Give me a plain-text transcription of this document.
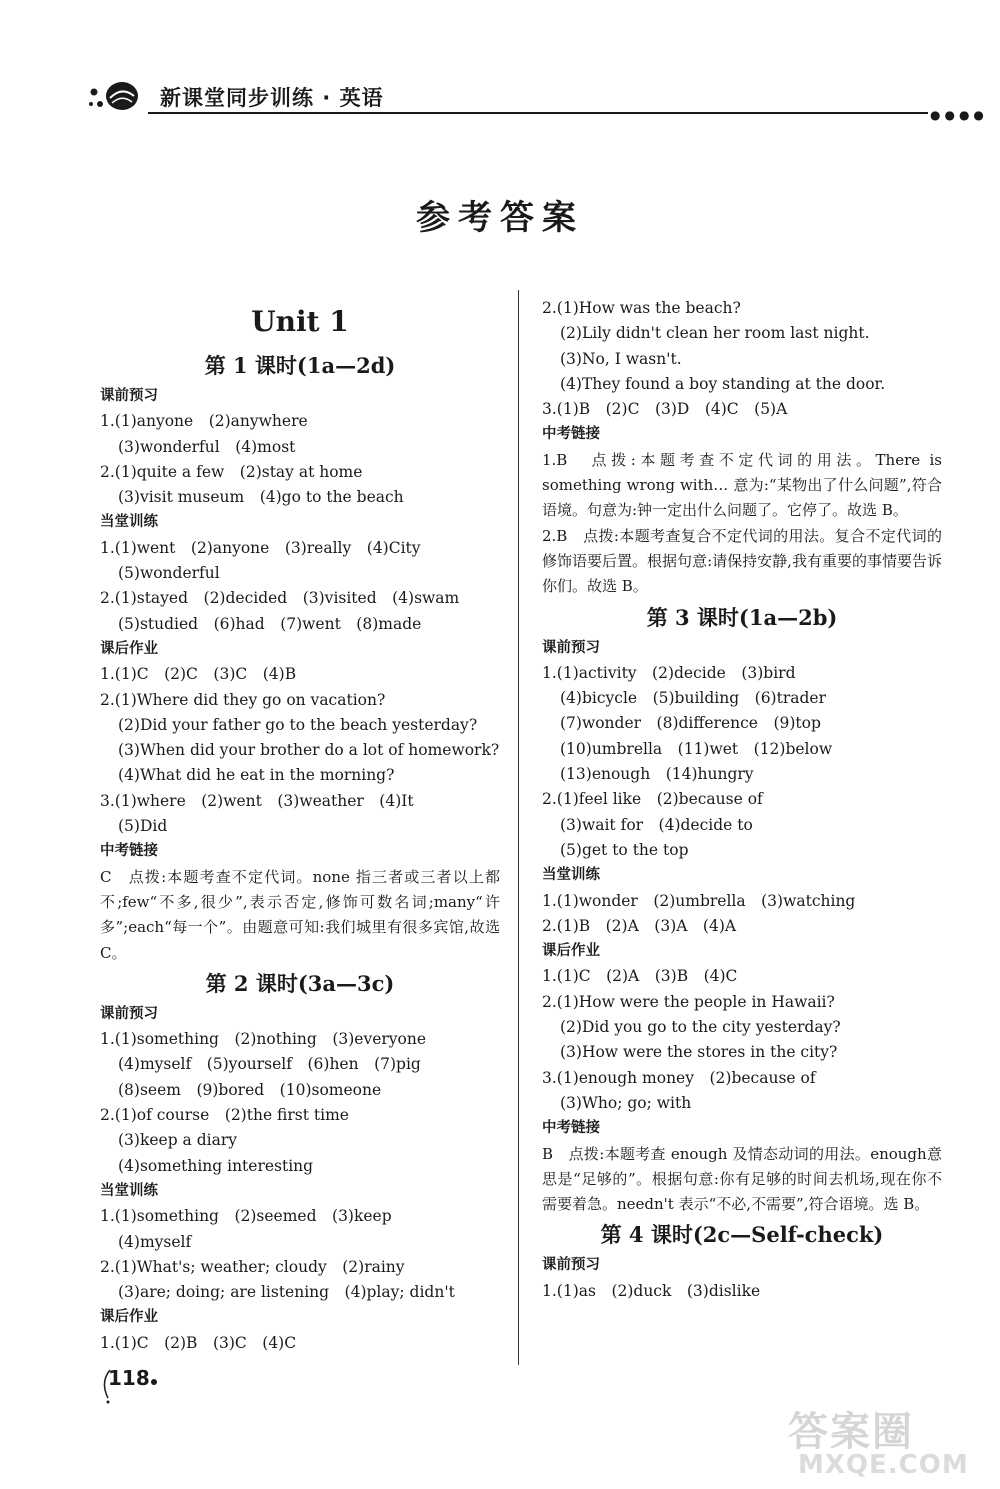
新课堂同步训练 · 英语
●●●●
参考答案
Unit 1
第 1 课时(1a—2d)
课前预习
1.(1)anyone　(2)anywhere
(3)wonderful　(4)most
2.(1)quite a few　(2)stay at home
(3)visit museum　(4)go to the beach
当堂训练
1.(1)went　(2)anyone　(3)really　(4)City
(5)wonderful
2.(1)stayed　(2)decided　(3)visited　(4)swam
(5)studied　(6)had　(7)went　(8)made
课后作业
1.(1)C　(2)C　(3)C　(4)B
2.(1)Where did they go on vacation?
(2)Did your father go to the beach yesterday?
(3)When did your brother do a lot of homework?
(4)What did he eat in the morning?
3.(1)where　(2)went　(3)weather　(4)It
(5)Did
中考链接
C　点拨:本题考查不定代词。none 指三者或三者以上都不;few“不多,很少”,表示否定,修饰可数名词;many“许多”;each“每一个”。由题意可知:我们城里有很多宾馆,故选 C。
第 2 课时(3a—3c)
课前预习
1.(1)something　(2)nothing　(3)everyone
(4)myself　(5)yourself　(6)hen　(7)pig
(8)seem　(9)bored　(10)someone
2.(1)of course　(2)the first time
(3)keep a diary
(4)something interesting
当堂训练
1.(1)something　(2)seemed　(3)keep
(4)myself
2.(1)What's; weather; cloudy　(2)rainy
(3)are; doing; are listening　(4)play; didn't
课后作业
1.(1)C　(2)B　(3)C　(4)C
2.(1)How was the beach?
(2)Lily didn't clean her room last night.
(3)No, I wasn't.
(4)They found a boy standing at the door.
3.(1)B　(2)C　(3)D　(4)C　(5)A
中考链接
1.B　点拨:本题考查不定代词的用法。There is something wrong with… 意为:“某物出了什么问题”,符合语境。句意为:钟一定出什么问题了。它停了。故选 B。
2.B　点拨:本题考查复合不定代词的用法。复合不定代词的修饰语要后置。根据句意:请保持安静,我有重要的事情要告诉你们。故选 B。
第 3 课时(1a—2b)
课前预习
1.(1)activity　(2)decide　(3)bird
(4)bicycle　(5)building　(6)trader
(7)wonder　(8)difference　(9)top
(10)umbrella　(11)wet　(12)below
(13)enough　(14)hungry
2.(1)feel like　(2)because of
(3)wait for　(4)decide to
(5)get to the top
当堂训练
1.(1)wonder　(2)umbrella　(3)watching
2.(1)B　(2)A　(3)A　(4)A
课后作业
1.(1)C　(2)A　(3)B　(4)C
2.(1)How were the people in Hawaii?
(2)Did you go to the city yesterday?
(3)How were the stores in the city?
3.(1)enough money　(2)because of
(3)Who; go; with
中考链接
B　点拨:本题考查 enough 及情态动词的用法。enough意思是“足够的”。根据句意:你有足够的时间去机场,现在你不需要着急。needn't 表示“不必,不需要”,符合语境。选 B。
第 4 课时(2c—Self-check)
课前预习
1.(1)as　(2)duck　(3)dislike
118
答案圈
MXQE.COM
